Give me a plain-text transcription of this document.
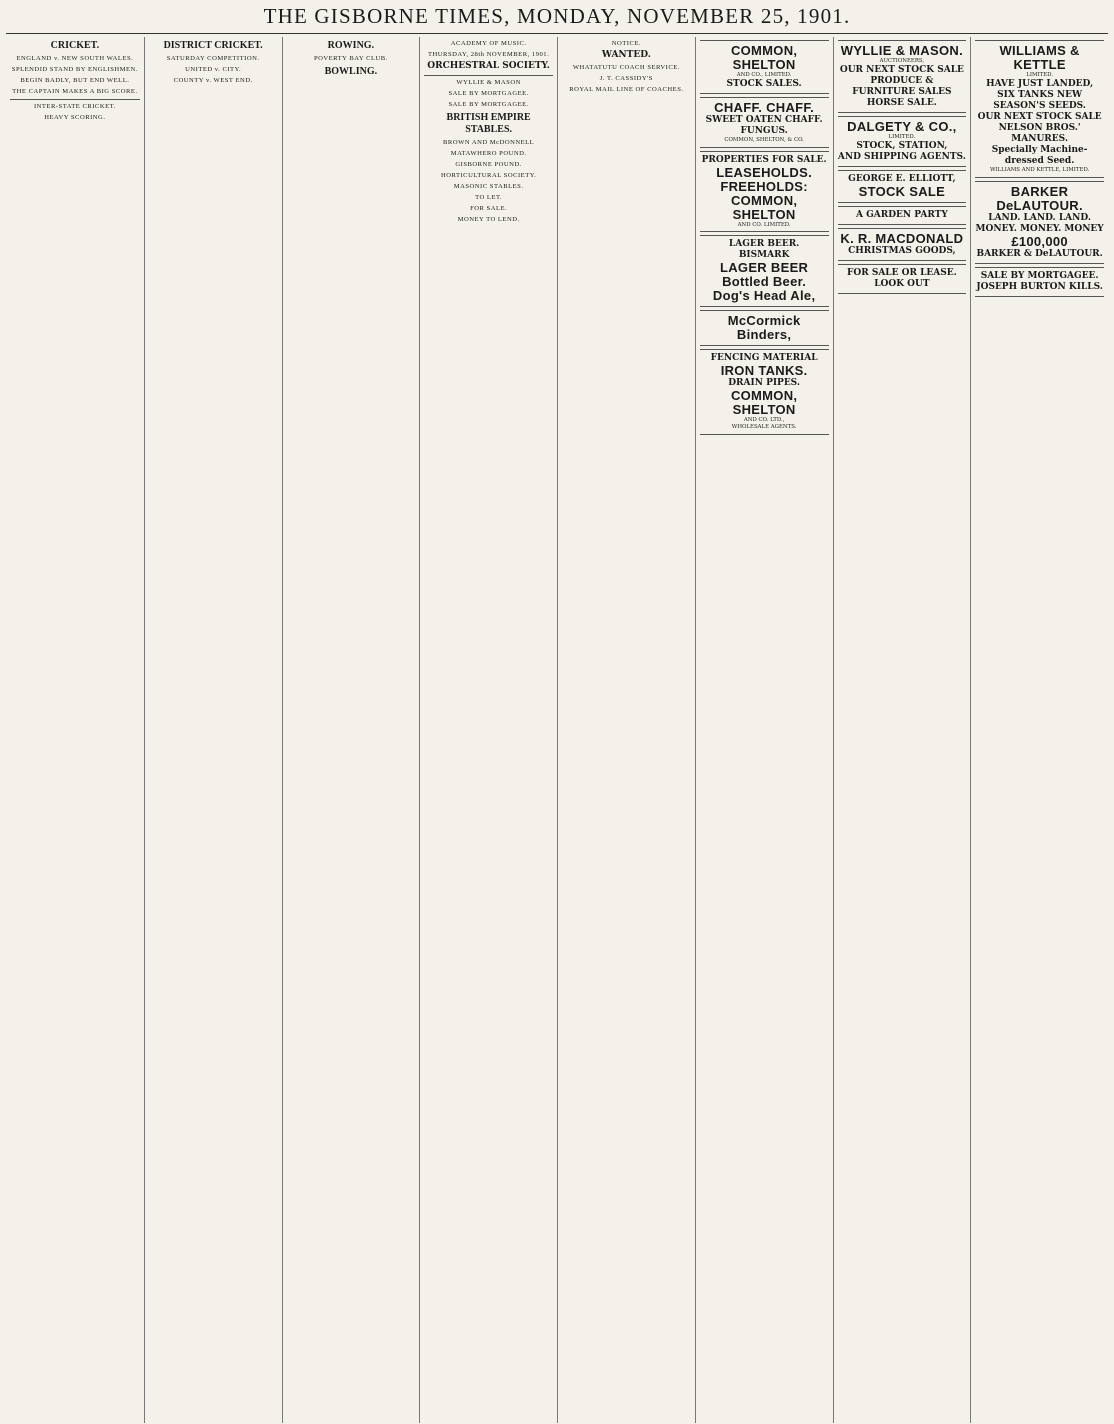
THE GISBORNE TIMES, MONDAY, NOVEMBER 25, 1901.
CRICKET.
ENGLAND v. NEW SOUTH WALES.
SPLENDID STAND BY ENGLISHMEN.
BEGIN BADLY, BUT END WELL.
THE CAPTAIN MAKES A BIG SCORE.
INTER-STATE CRICKET.
HEAVY SCORING.
DISTRICT CRICKET.
SATURDAY COMPETITION.
UNITED v. CITY.
COUNTY v. WEST END.
ROWING.
POVERTY BAY CLUB.
BOWLING.
ACADEMY OF MUSIC.
THURSDAY, 28th NOVEMBER, 1901.
ORCHESTRAL SOCIETY.
WYLLIE & MASON
SALE BY MORTGAGEE.
SALE BY MORTGAGEE.
BRITISH EMPIRE STABLES.
BROWN AND McDONNELL
MATAWHERO POUND.
GISBORNE POUND.
HORTICULTURAL SOCIETY.
MASONIC STABLES.
TO LET.
FOR SALE.
MONEY TO LEND.
NOTICE.
WANTED.
WHATATUTU COACH SERVICE.
J. T. CASSIDY'S
ROYAL MAIL LINE OF COACHES.
COMMON, SHELTON
AND CO., LIMITED.
STOCK SALES.
CHAFF. CHAFF.
SWEET OATEN CHAFF.
FUNGUS.
COMMON, SHELTON, & CO.
PROPERTIES FOR SALE.
LEASEHOLDS.
FREEHOLDS:
COMMON, SHELTON
AND CO. LIMITED.
LAGER BEER.
BISMARK
LAGER BEER
Bottled Beer.
Dog's Head Ale,
McCormick
Binders,
FENCING MATERIAL
IRON TANKS.
DRAIN PIPES.
COMMON, SHELTON
AND CO. LTD.,
WHOLESALE AGENTS.
WYLLIE & MASON.
AUCTIONEERS,
OUR NEXT STOCK SALE
PRODUCE & FURNITURE SALES
HORSE SALE.
DALGETY & CO.,
LIMITED.
STOCK, STATION,
AND SHIPPING AGENTS.
GEORGE E. ELLIOTT,
STOCK SALE
A GARDEN PARTY
K. R. MACDONALD
CHRISTMAS GOODS,
FOR SALE OR LEASE.
LOOK OUT
WILLIAMS & KETTLE
LIMITED.
HAVE JUST LANDED,
SIX TANKS NEW SEASON'S SEEDS.
OUR NEXT STOCK SALE
NELSON BROS.' MANURES.
Specially Machine-dressed Seed.
WILLIAMS AND KETTLE, LIMITED.
BARKER
DeLAUTOUR.
LAND. LAND. LAND.
MONEY. MONEY. MONEY
£100,000
BARKER & DeLAUTOUR.
SALE BY MORTGAGEE.
JOSEPH BURTON KILLS.
